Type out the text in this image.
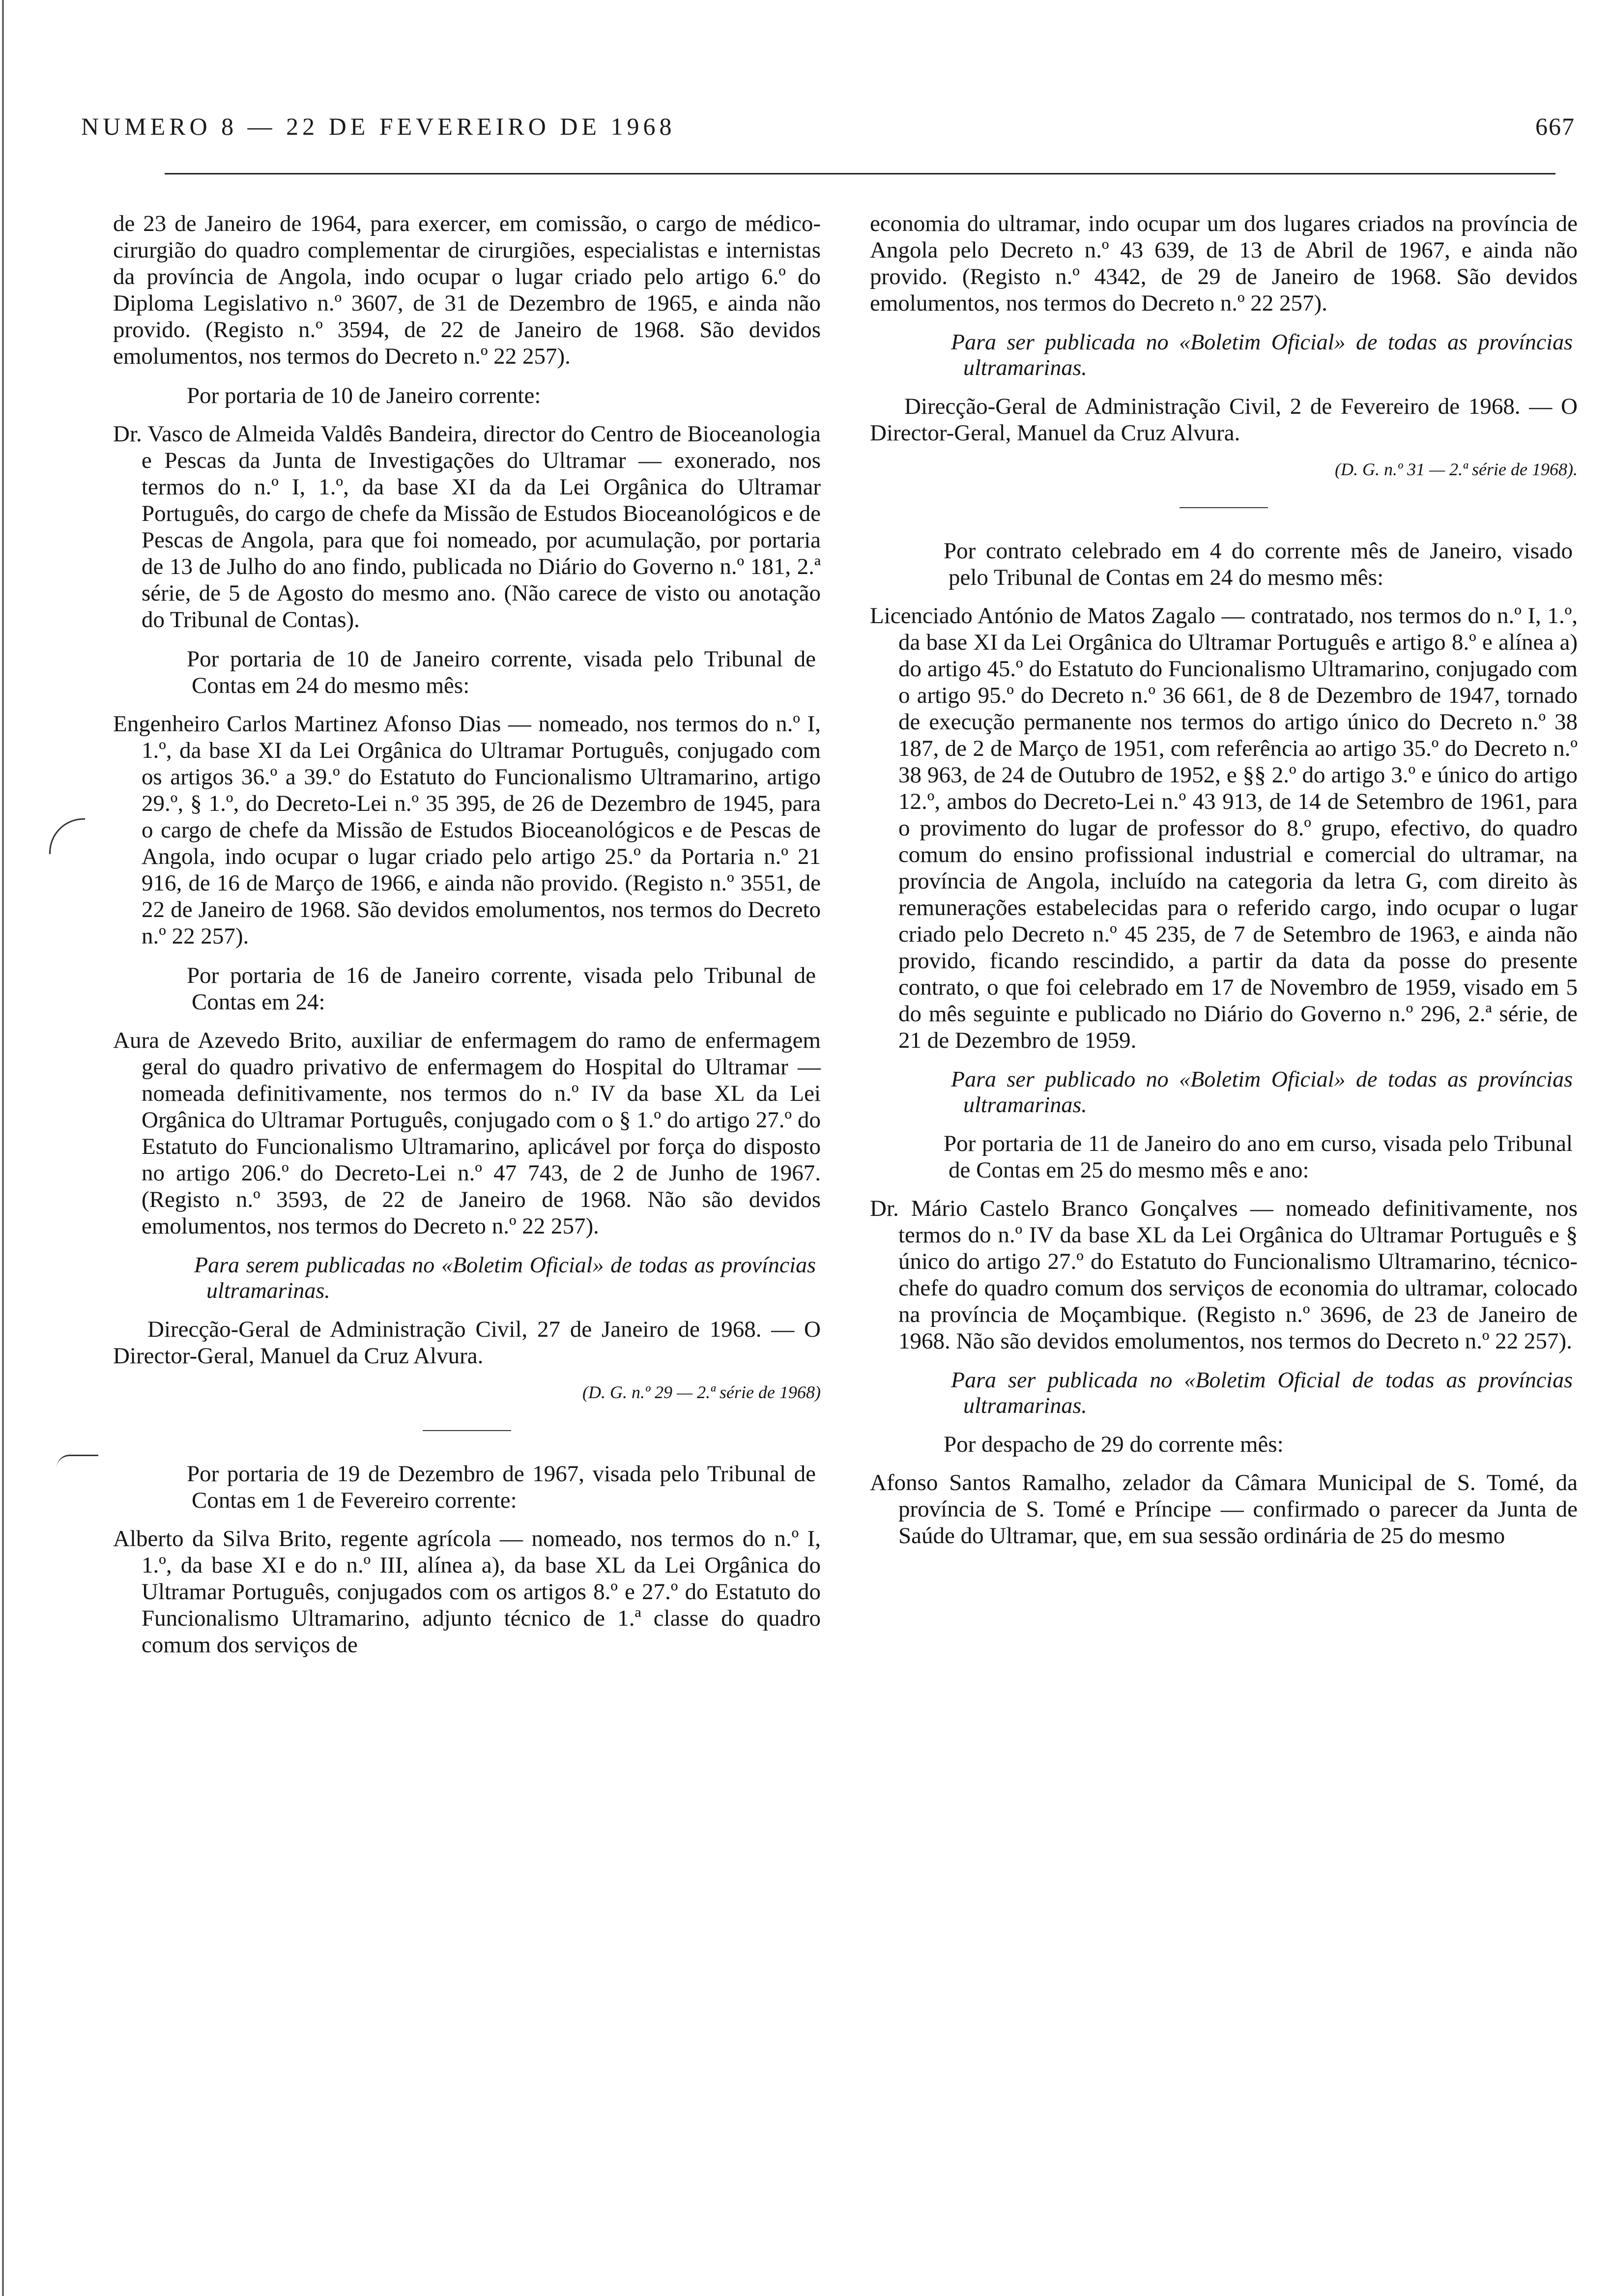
NUMERO 8 — 22 DE FEVEREIRO DE 1968	667

de 23 de Janeiro de 1964, para exercer, em comissão, o cargo de médico-cirurgião do quadro complementar de cirurgiões, especialistas e internistas da província de Angola, indo ocupar o lugar criado pelo artigo 6.º do Diploma Legislativo n.º 3607, de 31 de Dezembro de 1965, e ainda não provido. (Registo n.º 3594, de 22 de Janeiro de 1968. São devidos emolumentos, nos termos do Decreto n.º 22 257).

Por portaria de 10 de Janeiro corrente:

Dr. Vasco de Almeida Valdês Bandeira, director do Centro de Bioceanologia e Pescas da Junta de Investigações do Ultramar — exonerado, nos termos do n.º I, 1.º, da base XI da da Lei Orgânica do Ultramar Português, do cargo de chefe da Missão de Estudos Bioceanológicos e de Pescas de Angola, para que foi nomeado, por acumulação, por portaria de 13 de Julho do ano findo, publicada no Diário do Governo n.º 181, 2.ª série, de 5 de Agosto do mesmo ano. (Não carece de visto ou anotação do Tribunal de Contas).

Por portaria de 10 de Janeiro corrente, visada pelo Tribunal de Contas em 24 do mesmo mês:

Engenheiro Carlos Martinez Afonso Dias — nomeado, nos termos do n.º I, 1.º, da base XI da Lei Orgânica do Ultramar Português, conjugado com os artigos 36.º a 39.º do Estatuto do Funcionalismo Ultramarino, artigo 29.º, § 1.º, do Decreto-Lei n.º 35 395, de 26 de Dezembro de 1945, para o cargo de chefe da Missão de Estudos Bioceanológicos e de Pescas de Angola, indo ocupar o lugar criado pelo artigo 25.º da Portaria n.º 21 916, de 16 de Março de 1966, e ainda não provido. (Registo n.º 3551, de 22 de Janeiro de 1968. São devidos emolumentos, nos termos do Decreto n.º 22 257).

Por portaria de 16 de Janeiro corrente, visada pelo Tribunal de Contas em 24:

Aura de Azevedo Brito, auxiliar de enfermagem do ramo de enfermagem geral do quadro privativo de enfermagem do Hospital do Ultramar — nomeada definitivamente, nos termos do n.º IV da base XL da Lei Orgânica do Ultramar Português, conjugado com o § 1.º do artigo 27.º do Estatuto do Funcionalismo Ultramarino, aplicável por força do disposto no artigo 206.º do Decreto-Lei n.º 47 743, de 2 de Junho de 1967. (Registo n.º 3593, de 22 de Janeiro de 1968. Não são devidos emolumentos, nos termos do Decreto n.º 22 257).

Para serem publicadas no «Boletim Oficial» de todas as províncias ultramarinas.

Direcção-Geral de Administração Civil, 27 de Janeiro de 1968. — O Director-Geral, Manuel da Cruz Alvura.

(D. G. n.º 29 — 2.ª série de 1968)

Por portaria de 19 de Dezembro de 1967, visada pelo Tribunal de Contas em 1 de Fevereiro corrente:

Alberto da Silva Brito, regente agrícola — nomeado, nos termos do n.º I, 1.º, da base XI e do n.º III, alínea a), da base XL da Lei Orgânica do Ultramar Português, conjugados com os artigos 8.º e 27.º do Estatuto do Funcionalismo Ultramarino, adjunto técnico de 1.ª classe do quadro comum dos serviços de

economia do ultramar, indo ocupar um dos lugares criados na província de Angola pelo Decreto n.º 43 639, de 13 de Abril de 1967, e ainda não provido. (Registo n.º 4342, de 29 de Janeiro de 1968. São devidos emolumentos, nos termos do Decreto n.º 22 257).

Para ser publicada no «Boletim Oficial» de todas as províncias ultramarinas.

Direcção-Geral de Administração Civil, 2 de Fevereiro de 1968. — O Director-Geral, Manuel da Cruz Alvura.

(D. G. n.º 31 — 2.ª série de 1968).

Por contrato celebrado em 4 do corrente mês de Janeiro, visado pelo Tribunal de Contas em 24 do mesmo mês:

Licenciado António de Matos Zagalo — contratado, nos termos do n.º I, 1.º, da base XI da Lei Orgânica do Ultramar Português e artigo 8.º e alínea a) do artigo 45.º do Estatuto do Funcionalismo Ultramarino, conjugado com o artigo 95.º do Decreto n.º 36 661, de 8 de Dezembro de 1947, tornado de execução permanente nos termos do artigo único do Decreto n.º 38 187, de 2 de Março de 1951, com referência ao artigo 35.º do Decreto n.º 38 963, de 24 de Outubro de 1952, e §§ 2.º do artigo 3.º e único do artigo 12.º, ambos do Decreto-Lei n.º 43 913, de 14 de Setembro de 1961, para o provimento do lugar de professor do 8.º grupo, efectivo, do quadro comum do ensino profissional industrial e comercial do ultramar, na província de Angola, incluído na categoria da letra G, com direito às remunerações estabelecidas para o referido cargo, indo ocupar o lugar criado pelo Decreto n.º 45 235, de 7 de Setembro de 1963, e ainda não provido, ficando rescindido, a partir da data da posse do presente contrato, o que foi celebrado em 17 de Novembro de 1959, visado em 5 do mês seguinte e publicado no Diário do Governo n.º 296, 2.ª série, de 21 de Dezembro de 1959.

Para ser publicado no «Boletim Oficial» de todas as províncias ultramarinas.

Por portaria de 11 de Janeiro do ano em curso, visada pelo Tribunal de Contas em 25 do mesmo mês e ano:

Dr. Mário Castelo Branco Gonçalves — nomeado definitivamente, nos termos do n.º IV da base XL da Lei Orgânica do Ultramar Português e § único do artigo 27.º do Estatuto do Funcionalismo Ultramarino, técnico-chefe do quadro comum dos serviços de economia do ultramar, colocado na província de Moçambique. (Registo n.º 3696, de 23 de Janeiro de 1968. Não são devidos emolumentos, nos termos do Decreto n.º 22 257).

Para ser publicada no «Boletim Oficial de todas as províncias ultramarinas.

Por despacho de 29 do corrente mês:

Afonso Santos Ramalho, zelador da Câmara Municipal de S. Tomé, da província de S. Tomé e Príncipe — confirmado o parecer da Junta de Saúde do Ultramar, que, em sua sessão ordinária de 25 do mesmo
